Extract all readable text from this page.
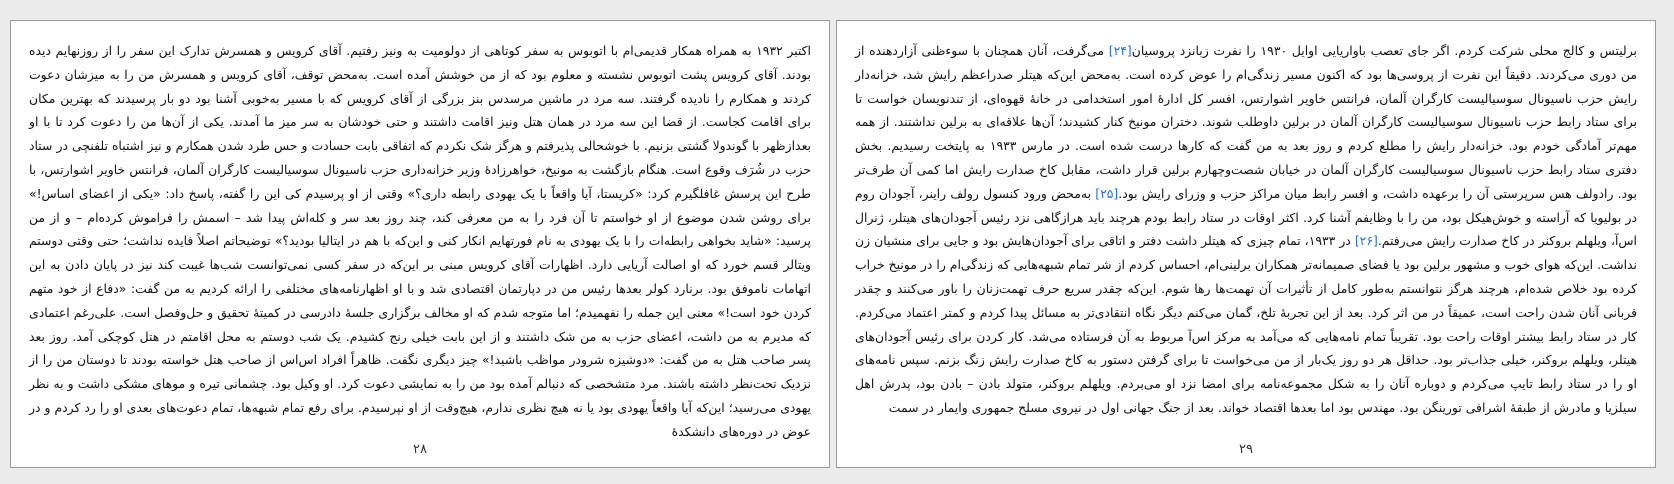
اکتبر ۱۹۳۲ به همراه همکار قدیمی‌ام با اتوبوس به سفر کوتاهی از دولومیت به ونیز رفتیم. آقای کرویس و همسرش تدارک این سفر را از روزنهایم دیده بودند. آقای کرویس پشت اتوبوس نشسته و معلوم بود که از من خوشش آمده است. به‌محض توقف، آقای کرویس و همسرش من را به میزشان دعوت کردند و همکارم را نادیده گرفتند. سه مرد در ماشین مرسدس بنز بزرگی از آقای کرویس که با مسیر به‌خوبی آشنا بود دو بار پرسیدند که بهترین مکان برای اقامت کجاست. از قضا این سه مرد در همان هتل ونیز اقامت داشتند و حتی خودشان به سر میز ما آمدند. یکی از آن‌ها من را دعوت کرد تا با او بعدازظهر با گوندولا گشتی بزنیم. با خوشحالی پذیرفتم و هرگز شک نکردم که اتفاقی بابت حسادت و حس طرد شدن همکارم و نیز اشتباه تلفنچی در ستاد حزب در شُرَف وقوع است. هنگام بازگشت به مونیخ، خواهرزادهٔ وزیر خزانه‌داری حزب ناسیونال سوسیالیست کارگران آلمان، فرانتس خاویر اشوارتس، با طرح این پرسش غافلگیرم کرد: «کریستا، آیا واقعاً با یک یهودی رابطه داری؟» وقتی از او پرسیدم کی این را گفته، پاسخ داد: «یکی از اعضای اساس!» برای روشن شدن موضوع از او خواستم تا آن فرد را به من معرفی کند، چند روز بعد سر و کله‌اش پیدا شد – اسمش را فراموش کرده‌ام – و از من پرسید: «شاید بخواهی رابطه‌ات را با یک یهودی به نام فورتهایم انکار کنی و این‌که با هم در ایتالیا بودید؟» توضیحاتم اصلاً فایده نداشت؛ حتی وقتی دوستم ویتالر قسم خورد که او اصالت آریایی دارد. اظهارات آقای کرویس مبنی بر این‌که در سفر کسی نمی‌توانست شب‌ها غیبت کند نیز در پایان دادن به این اتهامات ناموفق بود. برنارد کولر بعدها رئیس من در دپارتمان اقتصادی شد و با او اظهارنامه‌های مختلفی را ارائه کردیم به من گفت: «دفاع از خود متهم کردن خود است!» معنی این جمله را نفهمیدم؛ اما متوجه شدم که او مخالف برگزاری جلسهٔ دادرسی در کمیتهٔ تحقیق و حل‌وفصل است. علی‌رغم اعتمادی که مدیرم به من داشت، اعضای حزب به من شک داشتند و از این بابت خیلی رنج کشیدم. یک شب دوستم به محل اقامتم در هتل کوچکی آمد. روز بعد پسر صاحب هتل به من گفت: «دوشیزه شرودر مواظب باشید!» چیز دیگری نگفت. ظاهراً افراد اس‌اس از صاحب هتل خواسته بودند تا دوستان من را از نزدیک تحت‌نظر داشته باشند. مرد متشخصی که دنبالم آمده بود من را به نمایشی دعوت کرد. او وکیل بود. چشمانی تیره و موهای مشکی داشت و به نظر یهودی می‌رسید؛ این‌که آیا واقعاً یهودی بود یا نه هیچ نظری ندارم، هیچ‌وقت از او نپرسیدم. برای رفع تمام شبهه‌ها، تمام دعوت‌های بعدی او را رد کردم و در عوض در دوره‌های دانشکدهٔ

۲۸

برلیتس و کالج محلی شرکت کردم. اگر جای تعصب باواریایی اوایل ۱۹۳۰ را نفرت زبانزد پروسیان[۲۴] می‌گرفت، آنان همچنان با سوءظنی آزاردهنده از من دوری می‌کردند. دقیقاً این نفرت از پروسی‌ها بود که اکنون مسیر زندگی‌ام را عوض کرده است. به‌محض این‌که هیتلر صدراعظم رایش شد، خزانه‌دار رایش حزب ناسیونال سوسیالیست کارگران آلمان، فرانتس خاویر اشوارتس، افسر کل ادارهٔ امور استخدامی در خانهٔ قهوه‌ای، از تندنویسان خواست تا برای ستاد رابط حزب ناسیونال سوسیالیست کارگران آلمان در برلین داوطلب شوند. دختران مونیخ کنار کشیدند؛ آن‌ها علاقه‌ای به برلین نداشتند. از همه مهم‌تر آمادگی خودم بود. خزانه‌دار رایش را مطلع کردم و روز بعد به من گفت که کارها درست شده است. در مارس ۱۹۳۳ به پایتخت رسیدیم. بخش دفتری ستاد رابط حزب ناسیونال سوسیالیست کارگران آلمان در خیابان شصت‌وچهارم برلین قرار داشت، مقابل کاخ صدارت رایش اما کمی آن طرف‌تر بود. رادولف هس سرپرستی آن را برعهده داشت، و افسر رابط میان مراکز حزب و وزرای رایش بود.[۲۵] به‌محض ورود کنسول رولف راینر، آجودان روم در بولیویا که آراسته و خوش‌هیکل بود، من را با وظایفم آشنا کرد. اکثر اوقات در ستاد رابط بودم هرچند باید هرازگاهی نزد رئیس آجودان‌های هیتلر، ژنرال اس‌آ، ویلهلم بروکنر در کاخ صدارت رایش می‌رفتم.[۲۶] در ۱۹۳۳، تمام چیزی که هیتلر داشت دفتر و اتاقی برای آجودان‌هایش بود و جایی برای منشیان زن نداشت. این‌که هوای خوب و مشهور برلین بود یا فضای صمیمانه‌تر همکاران برلینی‌ام، احساس کردم از شر تمام شبهه‌هایی که زندگی‌ام را در مونیخ خراب کرده بود خلاص شده‌ام، هرچند هرگز نتوانستم به‌طور کامل از تأثیرات آن تهمت‌ها رها شوم. این‌که چقدر سریع حرف تهمت‌زنان را باور می‌کنند و چقدر قربانی آنان شدن راحت است، عمیقاً در من اثر کرد. بعد از این تجربهٔ تلخ، گمان می‌کنم دیگر نگاه انتقادی‌تر به مسائل پیدا کردم و کمتر اعتماد می‌کردم. کار در ستاد رابط بیشتر اوقات راحت بود. تقریباً تمام نامه‌هایی که می‌آمد به مرکز اس‌آ مربوط به آن فرستاده می‌شد. کار کردن برای رئیس آجودان‌های هیتلر، ویلهلم بروکنر، خیلی جذاب‌تر بود. حداقل هر دو روز یک‌بار از من می‌خواست تا برای گرفتن دستور به کاخ صدارت رایش زنگ بزنم. سپس نامه‌های او را در ستاد رابط تایپ می‌کردم و دوباره آنان را به شکل مجموعه‌نامه برای امضا نزد او می‌بردم. ویلهلم بروکنر، متولد بادن – بادن بود، پدرش اهل سیلزیا و مادرش از طبقهٔ اشرافی تورینگن بود. مهندس بود اما بعدها اقتصاد خواند. بعد از جنگ جهانی اول در نیروی مسلح جمهوری وایمار در سمت

۲۹
